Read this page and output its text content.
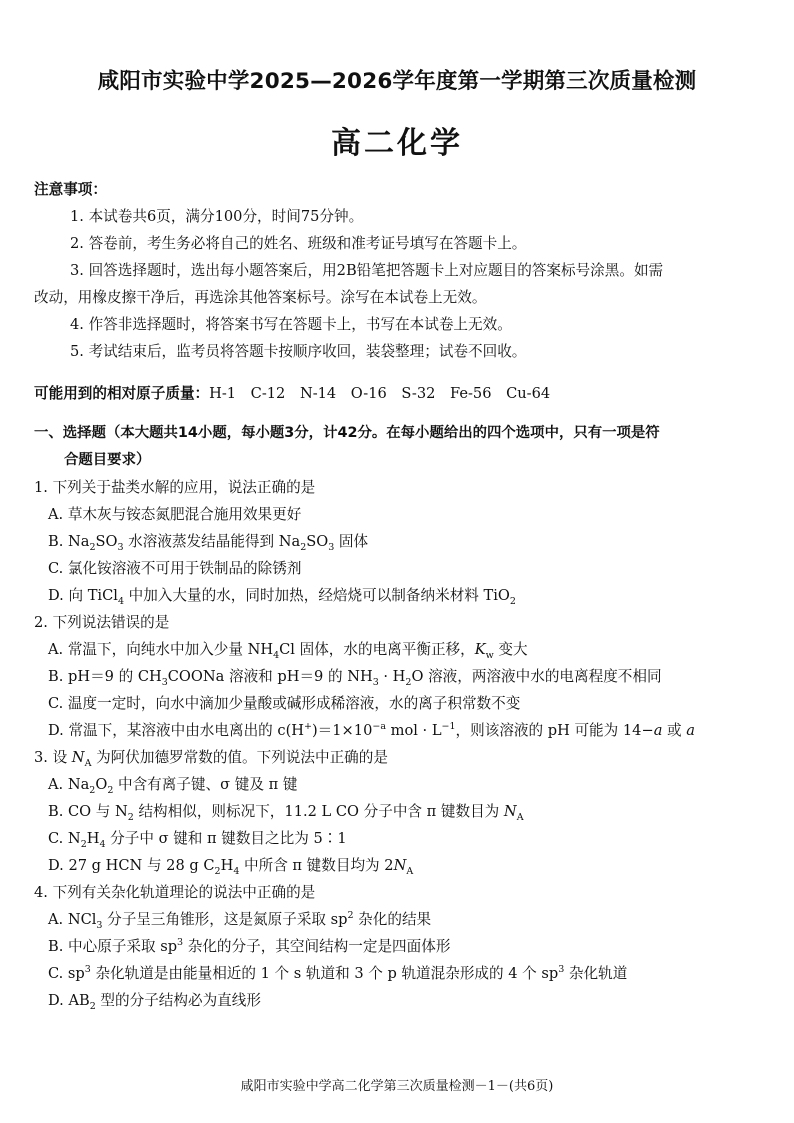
咸阳市实验中学2025—2026学年度第一学期第三次质量检测
高二化学
注意事项：
1. 本试卷共6页，满分100分，时间75分钟。
2. 答卷前，考生务必将自己的姓名、班级和准考证号填写在答题卡上。
3. 回答选择题时，选出每小题答案后，用2B铅笔把答题卡上对应题目的答案标号涂黑。如需
改动，用橡皮擦干净后，再选涂其他答案标号。涂写在本试卷上无效。
4. 作答非选择题时，将答案书写在答题卡上，书写在本试卷上无效。
5. 考试结束后，监考员将答题卡按顺序收回，装袋整理；试卷不回收。
可能用到的相对原子质量：H-1　C-12　N-14　O-16　S-32　Fe-56　Cu-64
一、选择题（本大题共14小题，每小题3分，计42分。在每小题给出的四个选项中，只有一项是符
合题目要求）
1. 下列关于盐类水解的应用，说法正确的是
A. 草木灰与铵态氮肥混合施用效果更好
B. $Na_2SO_3$ 水溶液蒸发结晶能得到 $Na_2SO_3$ 固体
C. 氯化铵溶液不可用于铁制品的除锈剂
D. 向 TiCl$_4$ 中加入大量的水，同时加热，经焙烧可以制备纳米材料 TiO$_2$
2. 下列说法错误的是
A. 常温下，向纯水中加入少量 $NH_4Cl$ 固体，水的电离平衡正移，$K_w$ 变大
B. pH＝9 的 $CH_3COONa$ 溶液和 pH＝9 的 $NH_3 \cdot H_2O$ 溶液，两溶液中水的电离程度不相同
C. 温度一定时，向水中滴加少量酸或碱形成稀溶液，水的离子积常数不变
D. 常温下，某溶液中由水电离出的 $c(H^+)=1\times 10^{-a}$ mol · $L^{-1}$，则该溶液的 pH 可能为 14−a 或 a
3. 设 $N_A$ 为阿伏加德罗常数的值。下列说法中正确的是
A. $Na_2O_2$ 中含有离子键、σ 键及 π 键
B. CO 与 $N_2$ 结构相似，则标况下，11.2 L CO 分子中含 π 键数目为 $N_A$
C. $N_2H_4$ 分子中 σ 键和 π 键数目之比为 5∶1
D. 27 g HCN 与 28 g $C_2H_4$ 中所含 π 键数目均为 $2N_A$
4. 下列有关杂化轨道理论的说法中正确的是
A. NCl$_3$ 分子呈三角锥形，这是氮原子采取 $sp^2$ 杂化的结果
B. 中心原子采取 $sp^3$ 杂化的分子，其空间结构一定是四面体形
C. $sp^3$ 杂化轨道是由能量相近的 1 个 s 轨道和 3 个 p 轨道混杂形成的 4 个 $sp^3$ 杂化轨道
D. $AB_2$ 型的分子结构必为直线形
咸阳市实验中学高二化学第三次质量检测－1－(共6页)
